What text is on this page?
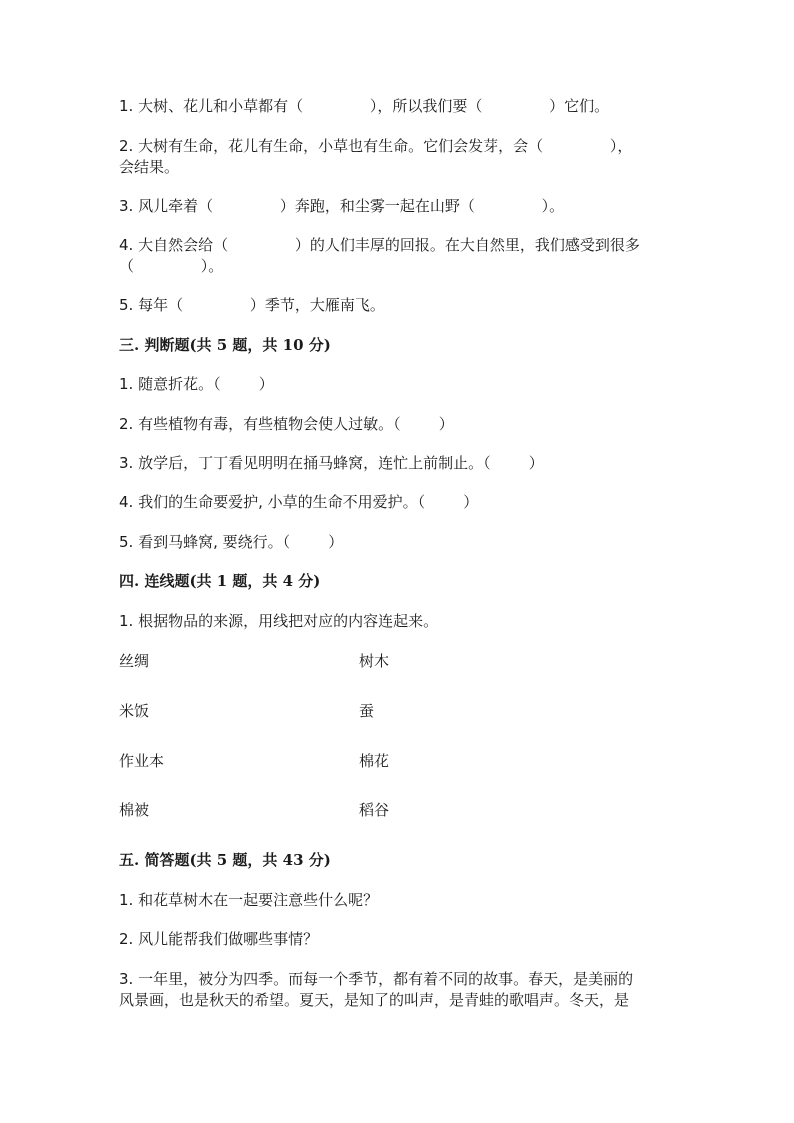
1. 大树、花儿和小草都有（              ），所以我们要（              ）它们。

2. 大树有生命，花儿有生命，小草也有生命。它们会发芽，会（              ），

会结果。

3. 风儿牵着（              ）奔跑，和尘雾一起在山野（              ）。

4. 大自然会给（              ）的人们丰厚的回报。在大自然里，我们感受到很多

（              ）。

5. 每年（              ）季节，大雁南飞。

三. 判断题(共 5 题，共 10 分)

1. 随意折花。（        ）

2. 有些植物有毒，有些植物会使人过敏。（        ）

3. 放学后，丁丁看见明明在捅马蜂窝，连忙上前制止。（        ）

4. 我们的生命要爱护, 小草的生命不用爱护。（        ）

5. 看到马蜂窝, 要绕行。（        ）

四. 连线题(共 1 题，共 4 分)

1. 根据物品的来源，用线把对应的内容连起来。

丝绸	树木
米饭	蚕
作业本	棉花
棉被	稻谷

五. 简答题(共 5 题，共 43 分)

1. 和花草树木在一起要注意些什么呢？

2. 风儿能帮我们做哪些事情？

3. 一年里，被分为四季。而每一个季节，都有着不同的故事。春天，是美丽的

风景画，也是秋天的希望。夏天，是知了的叫声，是青蛙的歌唱声。冬天，是
